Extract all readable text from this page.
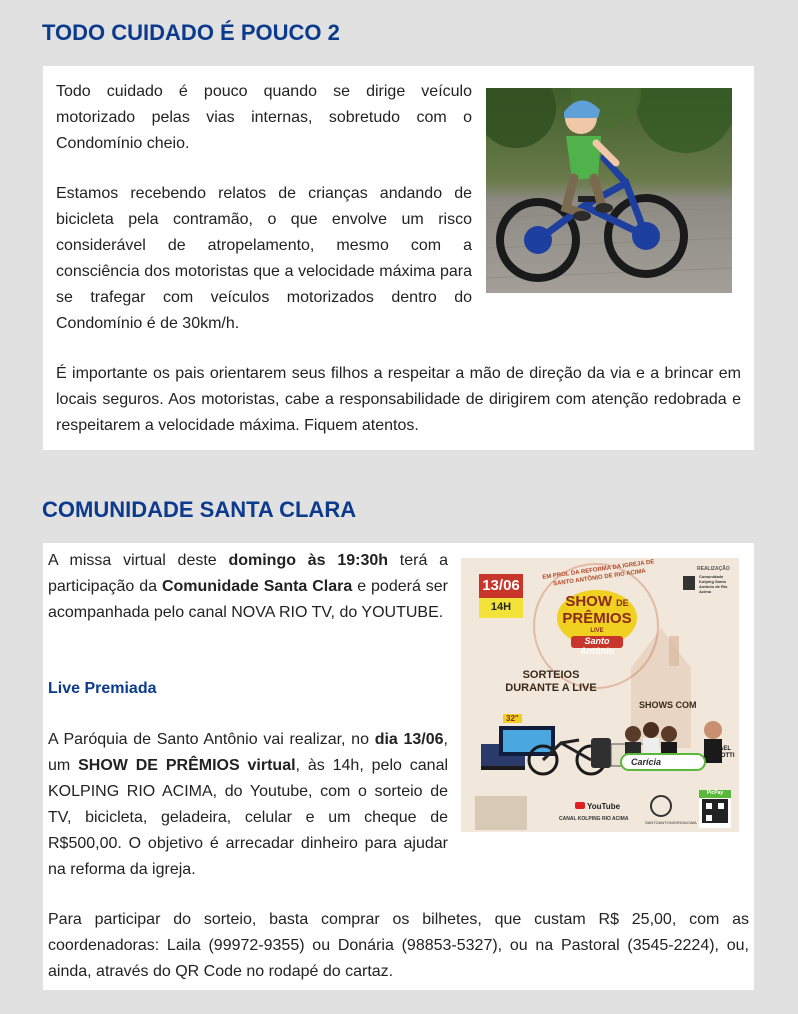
TODO CUIDADO É POUCO 2

Todo cuidado é pouco quando se dirige veículo motorizado pelas vias internas, sobretudo com o Condomínio cheio.

Estamos recebendo relatos de crianças andando de bicicleta pela contramão, o que envolve um risco considerável de atropelamento, mesmo com a consciência dos motoristas que a velocidade máxima para se trafegar com veículos motorizados dentro do Condomínio é de 30km/h.

É importante os pais orientarem seus filhos a respeitar a mão de direção da via e a brincar em locais seguros. Aos motoristas, cabe a responsabilidade de dirigirem com atenção redobrada e respeitarem a velocidade máxima. Fiquem atentos.

COMUNIDADE SANTA CLARA
13/06
14H
EM PROL DA REFORMA DA IGREJA DE SANTO ANTÔNIO DE RIO ACIMA
SHOW DE
PRÊMIOS
LIVE
Santo Antônio
REALIZAÇÃO
Comunidade Kolping Santo Antônio de Rio Acima
SORTEIOS
DURANTE A LIVE
32"
SHOWS COM
Carícia
RAFAEL MANZOTTI
YouTube
CANAL KOLPING RIO ACIMA
SANTOANTONIORIOACIMA
PicPay

A missa virtual deste domingo às 19:30h terá a participação da Comunidade Santa Clara e poderá ser acompanhada pelo canal NOVA RIO TV, do YOUTUBE.

Live Premiada

A Paróquia de Santo Antônio vai realizar, no dia 13/06, um SHOW DE PRÊMIOS virtual, às 14h, pelo canal KOLPING RIO ACIMA, do Youtube, com o sorteio de TV, bicicleta, geladeira, celular e um cheque de R$500,00. O objetivo é arrecadar dinheiro para ajudar na reforma da igreja.

Para participar do sorteio, basta comprar os bilhetes, que custam R$ 25,00, com as coordenadoras: Laila (99972-9355) ou Donária (98853-5327), ou na Pastoral (3545-2224), ou, ainda, através do QR Code no rodapé do cartaz.
